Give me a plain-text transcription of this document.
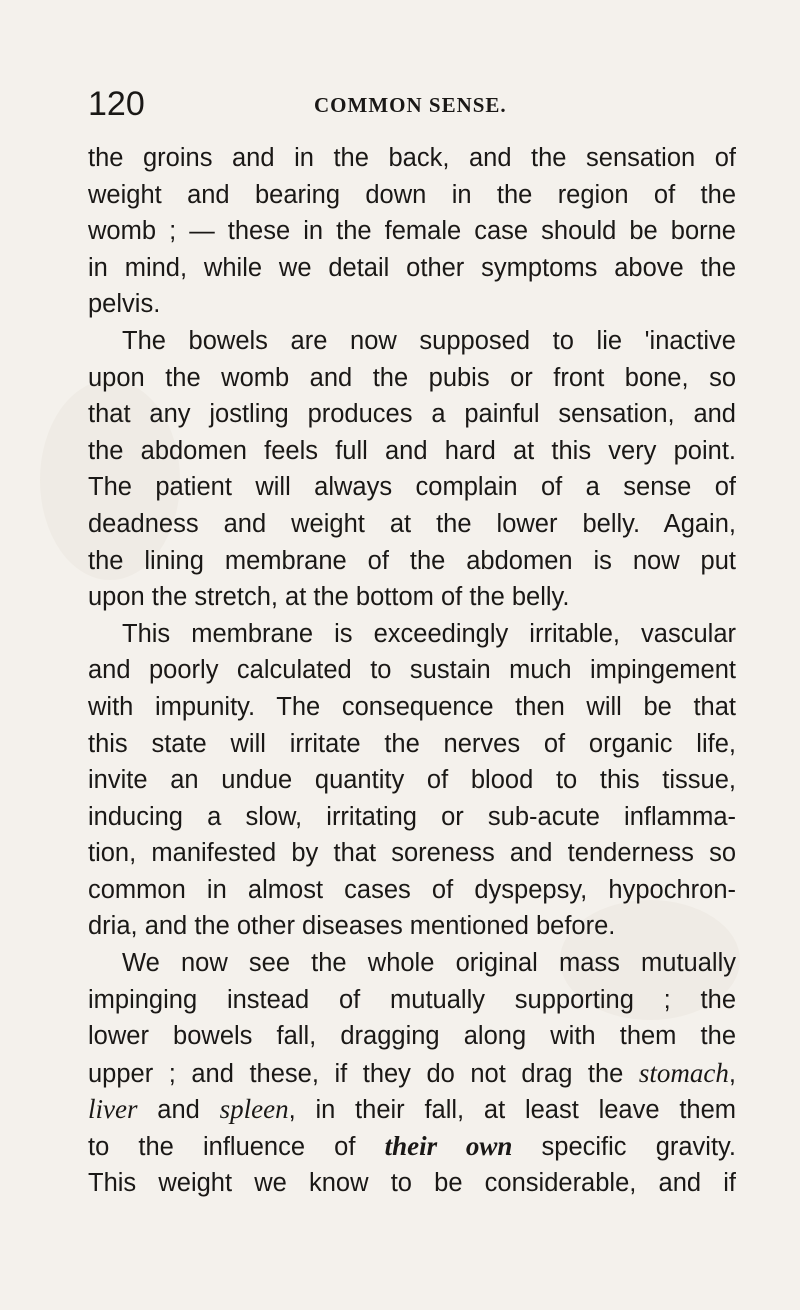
120	COMMON SENSE.
the groins and in the back, and the sensation of
weight and bearing down in the region of the
womb ; — these in the female case should be borne
in mind, while we detail other symptoms above the
pelvis.
The bowels are now supposed to lie 'inactive
upon the womb and the pubis or front bone, so
that any jostling produces a painful sensation, and
the abdomen feels full and hard at this very point.
The patient will always complain of a sense of
deadness and weight at the lower belly. Again,
the lining membrane of the abdomen is now put
upon the stretch, at the bottom of the belly.
This membrane is exceedingly irritable, vascular
and poorly calculated to sustain much impingement
with impunity. The consequence then will be that
this state will irritate the nerves of organic life,
invite an undue quantity of blood to this tissue,
inducing a slow, irritating or sub-acute inflamma-
tion, manifested by that soreness and tenderness so
common in almost cases of dyspepsy, hypochron-
dria, and the other diseases mentioned before.
We now see the whole original mass mutually
impinging instead of mutually supporting ; the
lower bowels fall, dragging along with them the
upper ; and these, if they do not drag the stomach,
liver and spleen, in their fall, at least leave them
to the influence of their own specific gravity.
This weight we know to be considerable, and if
